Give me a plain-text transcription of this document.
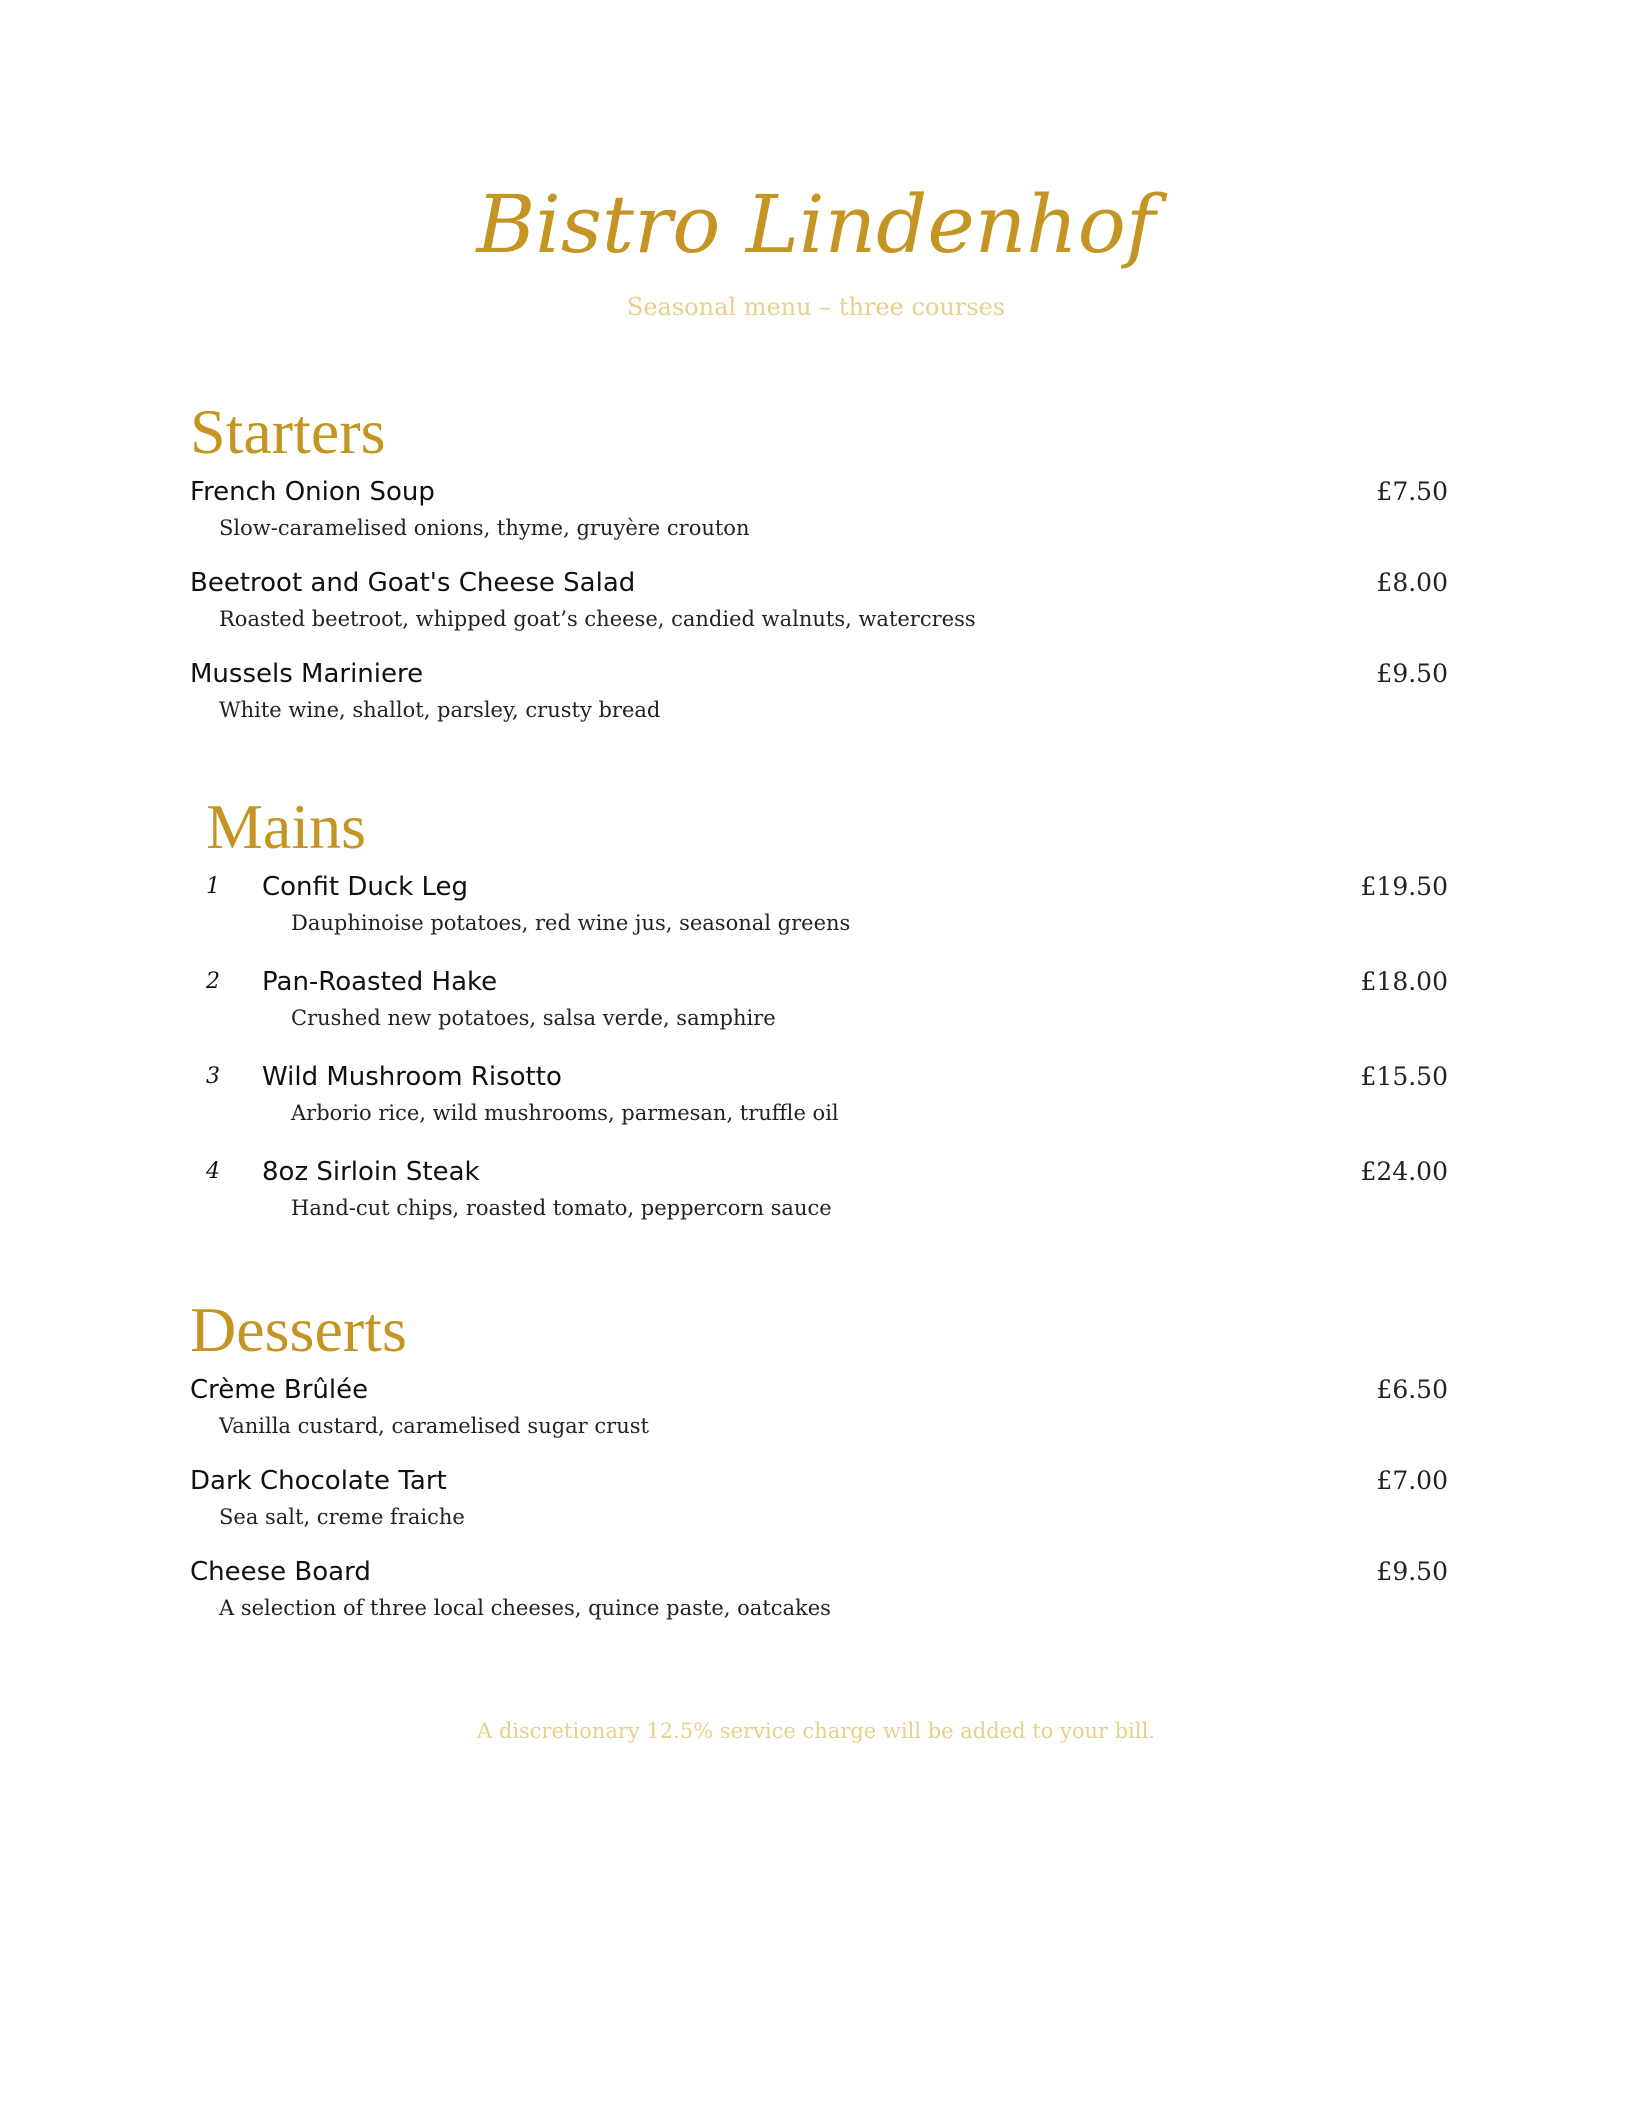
Bistro Lindenhof
Seasonal menu – three courses
Starters
French Onion Soup	£7.50
Slow-caramelised onions, thyme, gruyère crouton
Beetroot and Goat's Cheese Salad	£8.00
Roasted beetroot, whipped goat’s cheese, candied walnuts, watercress
Mussels Mariniere	£9.50
White wine, shallot, parsley, crusty bread
Mains
1 Confit Duck Leg	£19.50
Dauphinoise potatoes, red wine jus, seasonal greens
2 Pan-Roasted Hake	£18.00
Crushed new potatoes, salsa verde, samphire
3 Wild Mushroom Risotto	£15.50
Arborio rice, wild mushrooms, parmesan, truffle oil
4 8oz Sirloin Steak	£24.00
Hand-cut chips, roasted tomato, peppercorn sauce
Desserts
Crème Brûlée	£6.50
Vanilla custard, caramelised sugar crust
Dark Chocolate Tart	£7.00
Sea salt, creme fraiche
Cheese Board	£9.50
A selection of three local cheeses, quince paste, oatcakes
A discretionary 12.5% service charge will be added to your bill.
